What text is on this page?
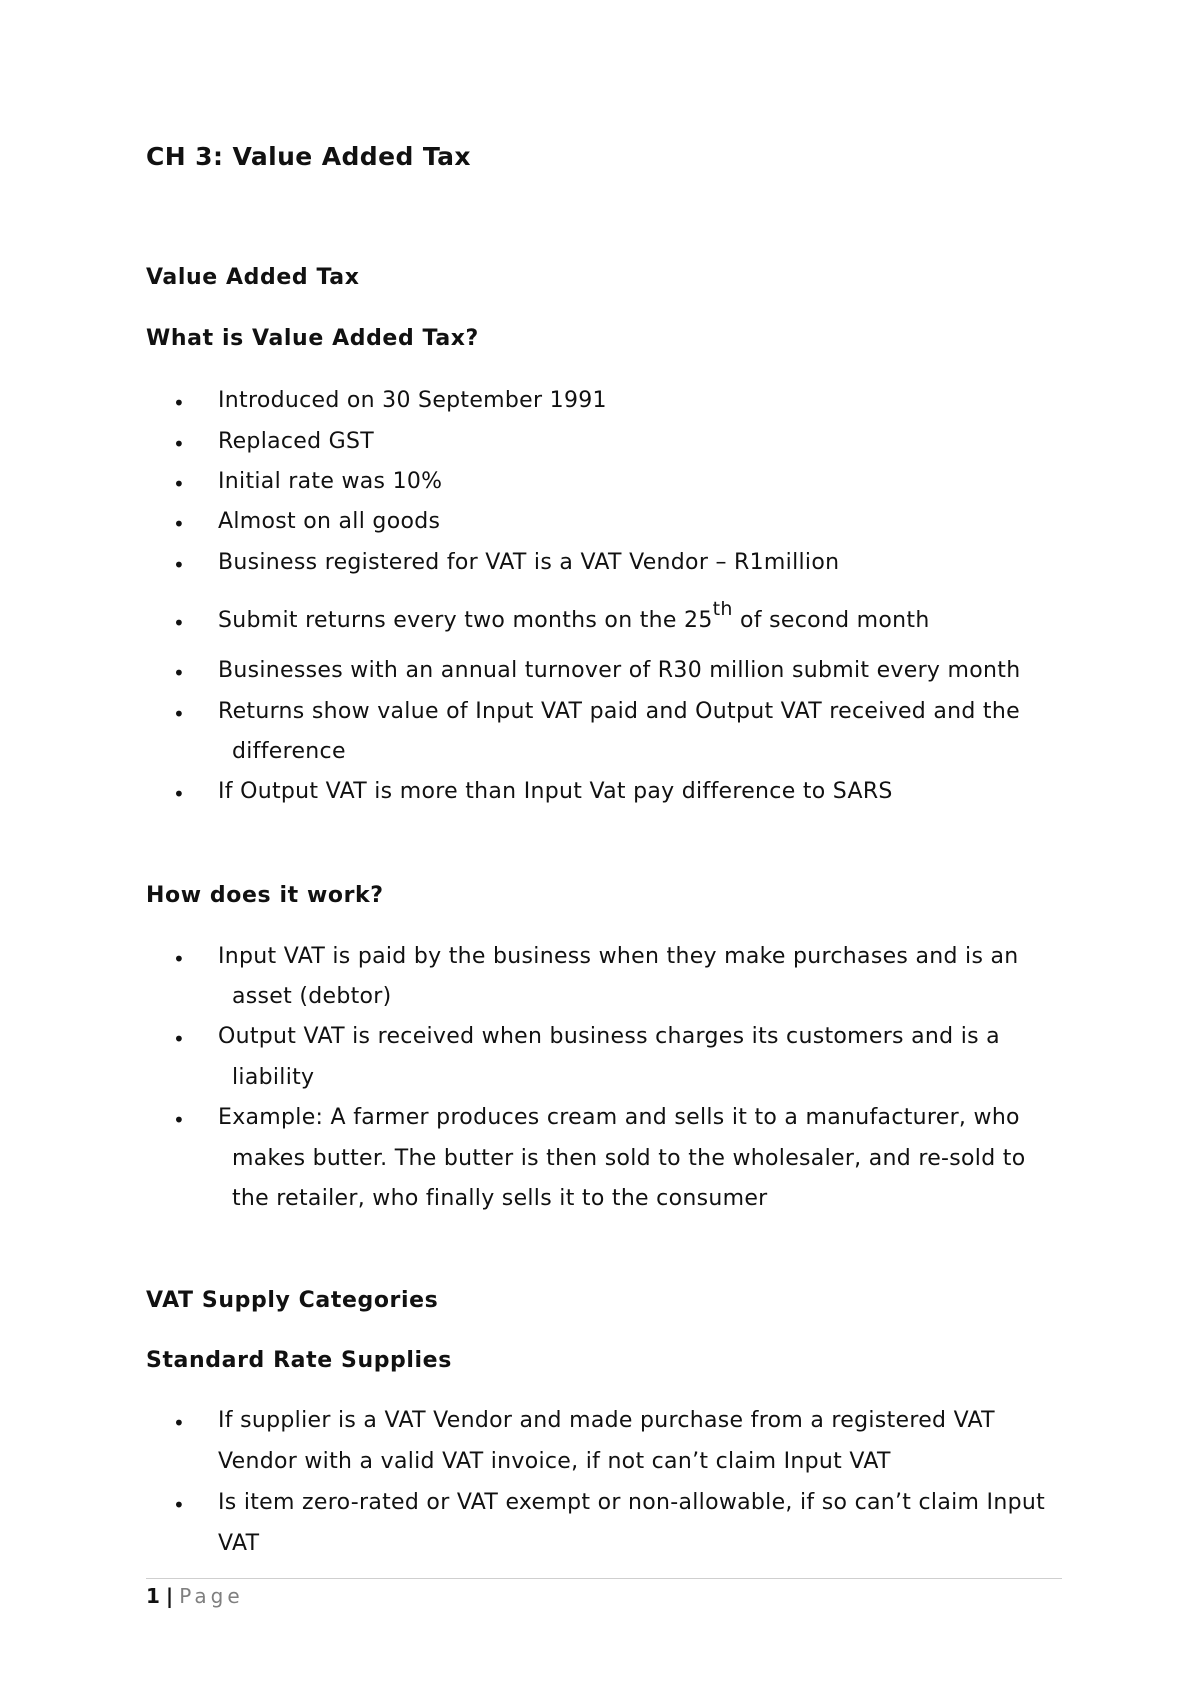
CH 3: Value Added Tax
Value Added Tax
What is Value Added Tax?
• Introduced on 30 September 1991
• Replaced GST
• Initial rate was 10%
• Almost on all goods
• Business registered for VAT is a VAT Vendor – R1million
• Submit returns every two months on the 25th of second month
• Businesses with an annual turnover of R30 million submit every month
• Returns show value of Input VAT paid and Output VAT received and the
difference
• If Output VAT is more than Input Vat pay difference to SARS
How does it work?
• Input VAT is paid by the business when they make purchases and is an
asset (debtor)
• Output VAT is received when business charges its customers and is a
liability
• Example: A farmer produces cream and sells it to a manufacturer, who
makes butter. The butter is then sold to the wholesaler, and re-sold to
the retailer, who finally sells it to the consumer
VAT Supply Categories
Standard Rate Supplies
• If supplier is a VAT Vendor and made purchase from a registered VAT
Vendor with a valid VAT invoice, if not can’t claim Input VAT
• Is item zero-rated or VAT exempt or non-allowable, if so can’t claim Input
VAT
1 | Page
